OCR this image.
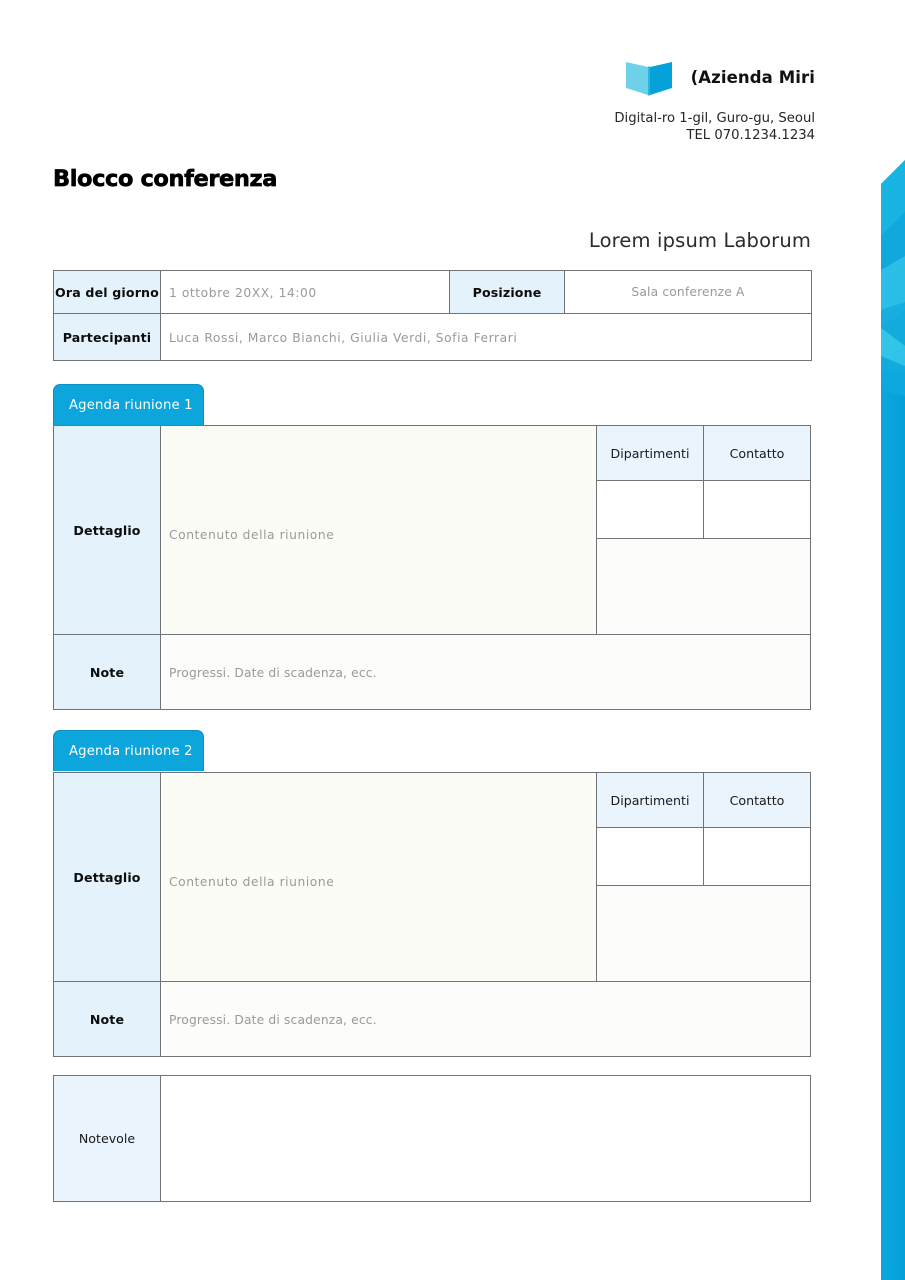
(Azienda Miri
Digital-ro 1-gil, Guro-gu, Seoul
TEL 070.1234.1234
Blocco conferenza
Lorem ipsum Laborum
Ora del giorno	1 ottobre 20XX, 14:00	Posizione	Sala conferenze A
Partecipanti	Luca Rossi, Marco Bianchi, Giulia Verdi, Sofia Ferrari		
Agenda riunione 1
Dettaglio	Contenuto della riunione	Dipartimenti	Contatto

Note	Progressi. Date di scadenza, ecc.		
Agenda riunione 2
Dettaglio	Contenuto della riunione	Dipartimenti	Contatto

Note	Progressi. Date di scadenza, ecc.		
Notevole	
